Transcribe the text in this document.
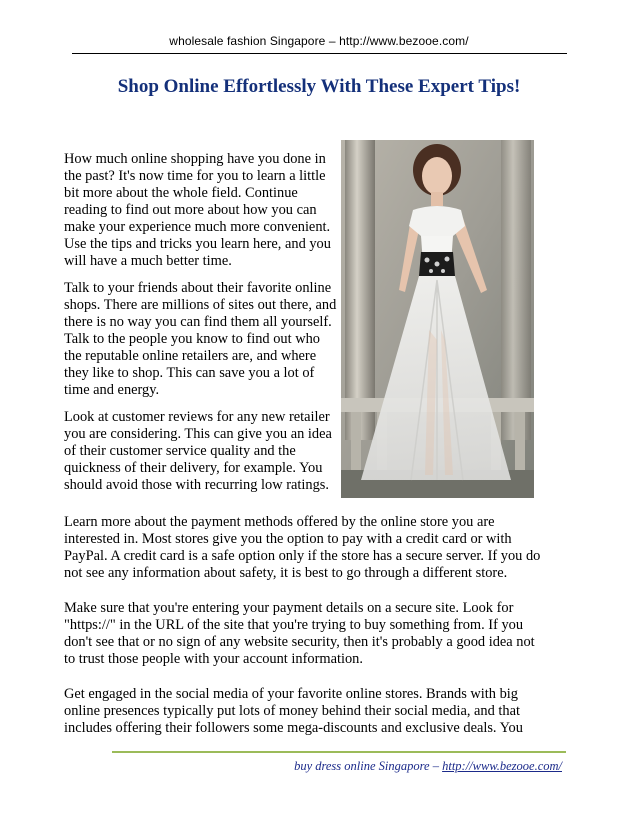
wholesale fashion Singapore – http://www.bezooe.com/
Shop Online Effortlessly With These Expert Tips!
How much online shopping have you done in
the past? It's now time for you to learn a little
bit more about the whole field. Continue
reading to find out more about how you can
make your experience much more convenient.
Use the tips and tricks you learn here, and you
will have a much better time.
Talk to your friends about their favorite online
shops. There are millions of sites out there, and
there is no way you can find them all yourself.
Talk to the people you know to find out who
the reputable online retailers are, and where
they like to shop. This can save you a lot of
time and energy.
Look at customer reviews for any new retailer
you are considering. This can give you an idea
of their customer service quality and the
quickness of their delivery, for example. You
should avoid those with recurring low ratings.
Learn more about the payment methods offered by the online store you are
interested in. Most stores give you the option to pay with a credit card or with
PayPal. A credit card is a safe option only if the store has a secure server. If you do
not see any information about safety, it is best to go through a different store.
Make sure that you're entering your payment details on a secure site. Look for
"https://" in the URL of the site that you're trying to buy something from. If you
don't see that or no sign of any website security, then it's probably a good idea not
to trust those people with your account information.
Get engaged in the social media of your favorite online stores. Brands with big
online presences typically put lots of money behind their social media, and that
includes offering their followers some mega-discounts and exclusive deals. You
buy dress online Singapore – http://www.bezooe.com/
